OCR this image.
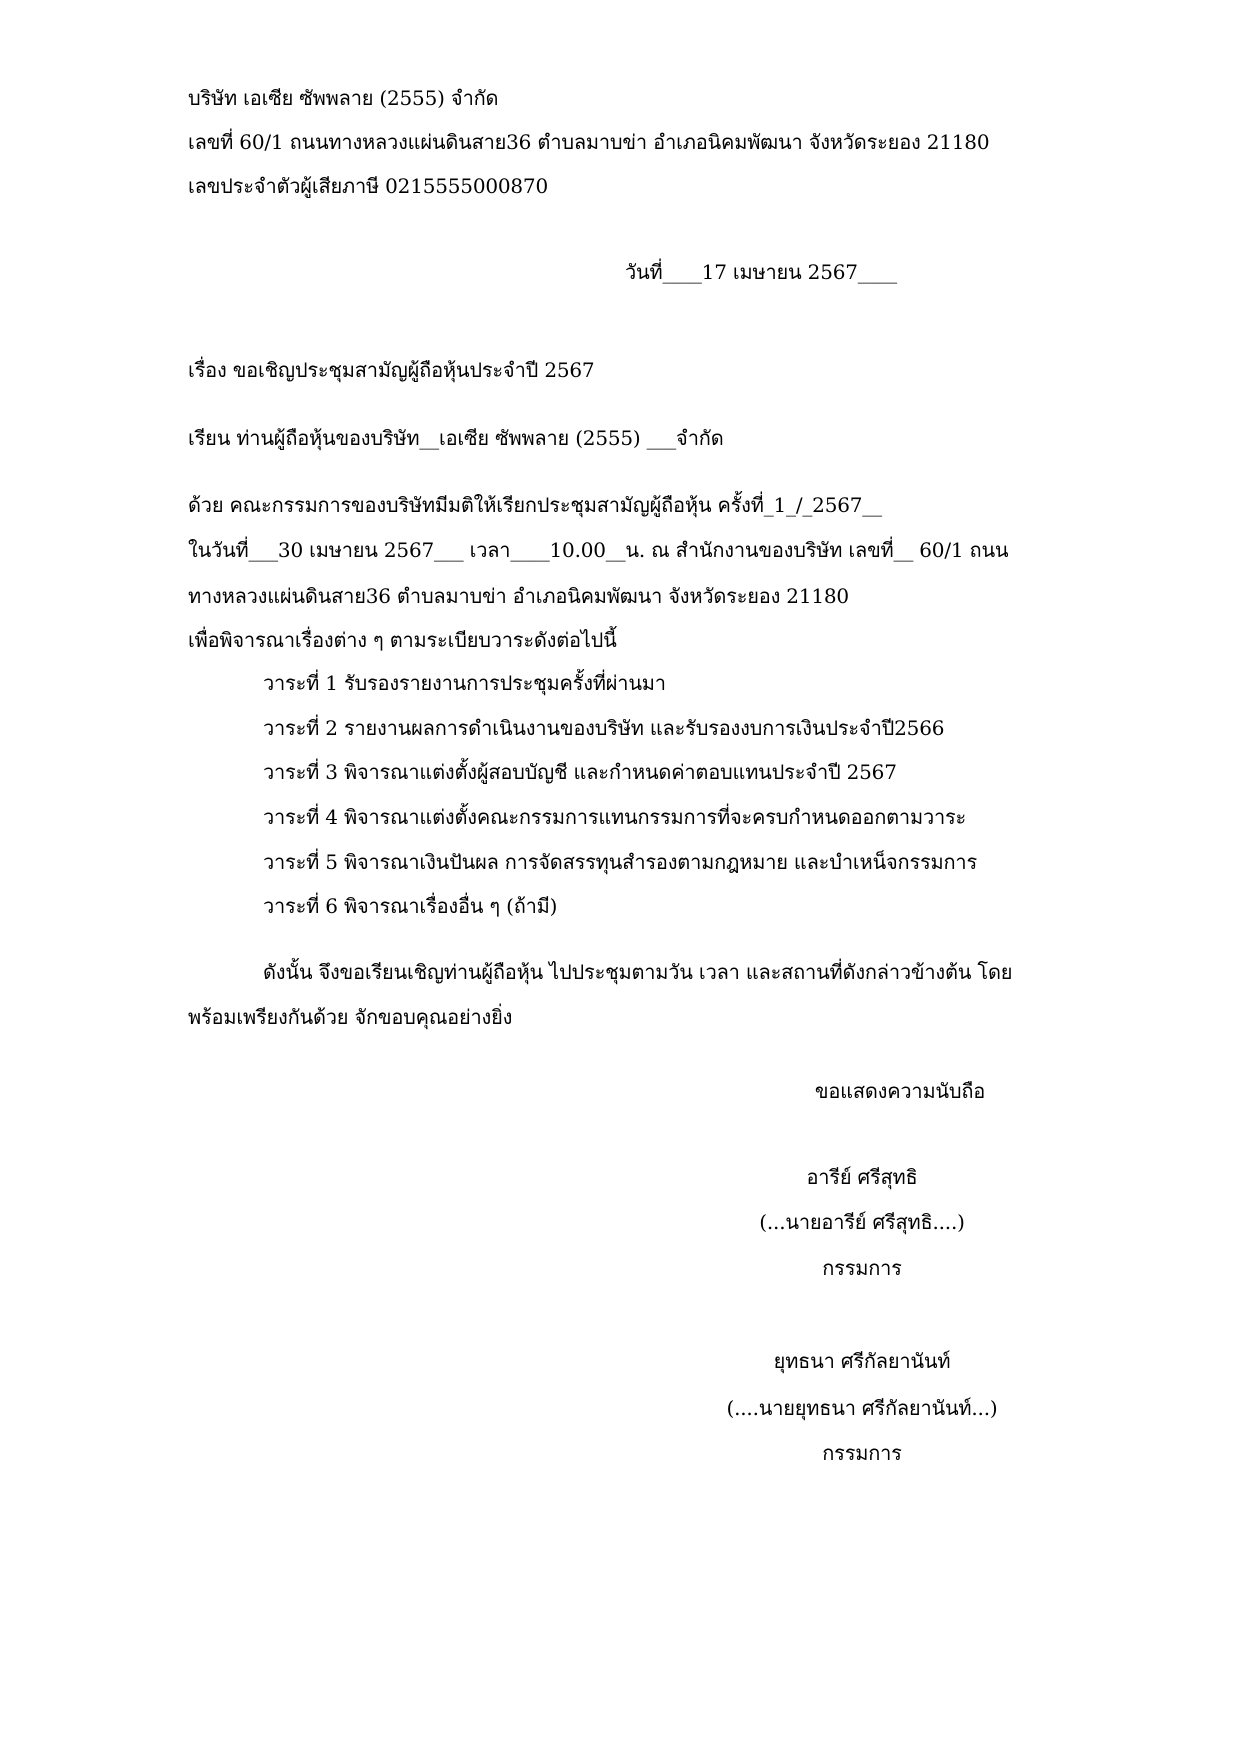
บริษัท เอเซีย ซัพพลาย (2555) จำกัด
เลขที่ 60/1 ถนนทางหลวงแผ่นดินสาย36 ตำบลมาบข่า อำเภอนิคมพัฒนา จังหวัดระยอง 21180
เลขประจำตัวผู้เสียภาษี 0215555000870
วันที่____17 เมษายน 2567____
เรื่อง ขอเชิญประชุมสามัญผู้ถือหุ้นประจำปี 2567
เรียน ท่านผู้ถือหุ้นของบริษัท__เอเซีย ซัพพลาย (2555) ___จำกัด
ด้วย คณะกรรมการของบริษัทมีมติให้เรียกประชุมสามัญผู้ถือหุ้น ครั้งที่_1_/_2567__
ในวันที่___30 เมษายน 2567___ เวลา____10.00__น. ณ สำนักงานของบริษัท เลขที่__ 60/1 ถนน
ทางหลวงแผ่นดินสาย36 ตำบลมาบข่า อำเภอนิคมพัฒนา จังหวัดระยอง 21180
เพื่อพิจารณาเรื่องต่าง ๆ ตามระเบียบวาระดังต่อไปนี้
วาระที่ 1 รับรองรายงานการประชุมครั้งที่ผ่านมา
วาระที่ 2 รายงานผลการดำเนินงานของบริษัท และรับรองงบการเงินประจำปี2566
วาระที่ 3 พิจารณาแต่งตั้งผู้สอบบัญชี และกำหนดค่าตอบแทนประจำปี 2567
วาระที่ 4 พิจารณาแต่งตั้งคณะกรรมการแทนกรรมการที่จะครบกำหนดออกตามวาระ
วาระที่ 5 พิจารณาเงินปันผล การจัดสรรทุนสำรองตามกฎหมาย และบำเหน็จกรรมการ
วาระที่ 6 พิจารณาเรื่องอื่น ๆ (ถ้ามี)
ดังนั้น จึงขอเรียนเชิญท่านผู้ถือหุ้น ไปประชุมตามวัน เวลา และสถานที่ดังกล่าวข้างต้น โดย
พร้อมเพรียงกันด้วย จักขอบคุณอย่างยิ่ง
ขอแสดงความนับถือ
อารีย์ ศรีสุทธิ
(...นายอารีย์ ศรีสุทธิ....)
กรรมการ
ยุทธนา ศรีกัลยานันท์
(....นายยุทธนา ศรีกัลยานันท์...)
กรรมการ
